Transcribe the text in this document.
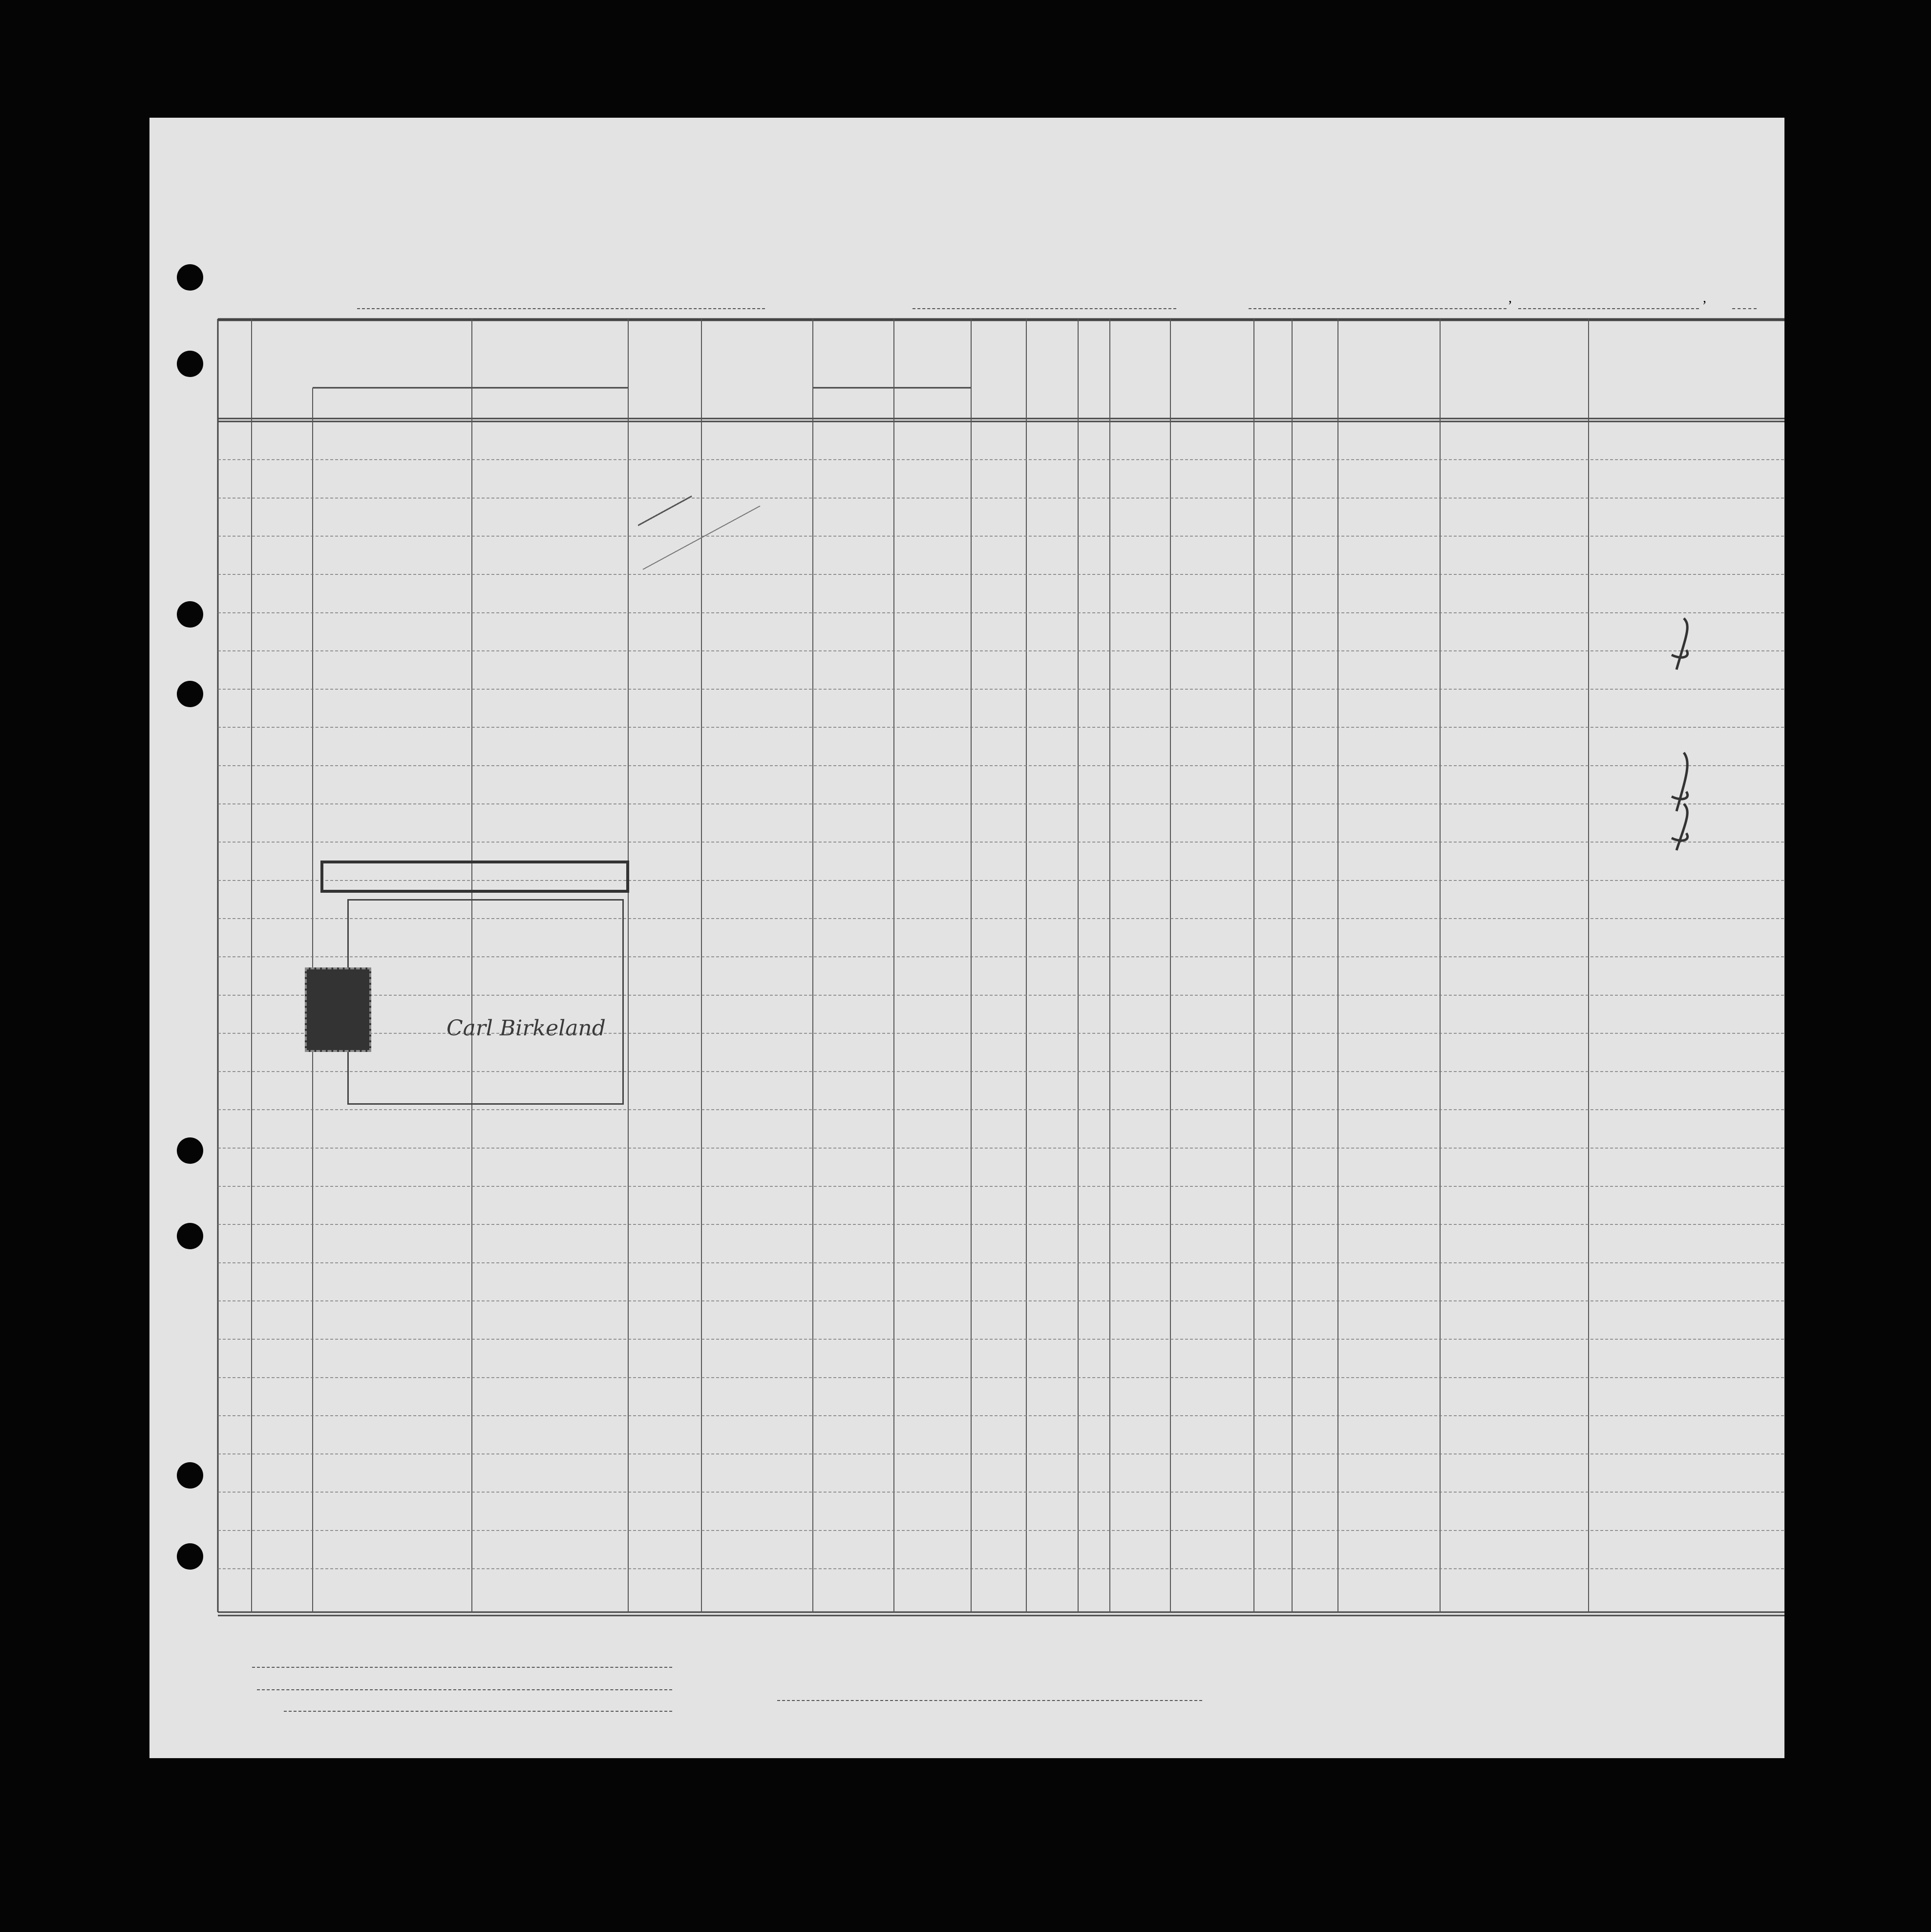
,	,
Carl Birkeland
